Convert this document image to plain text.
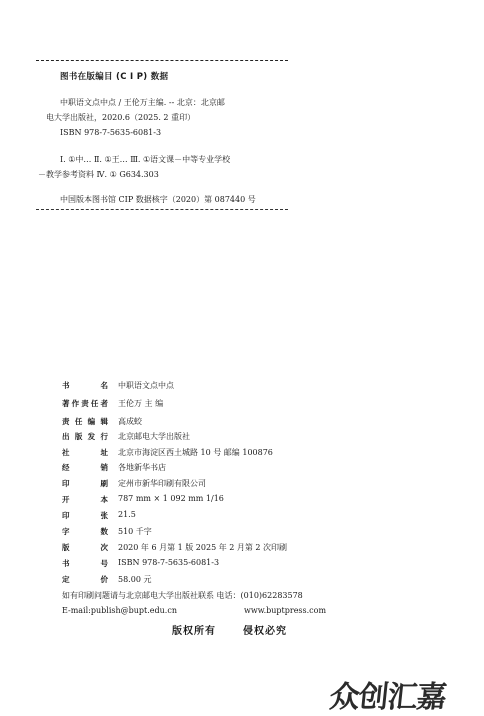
图书在版编目 (C I P) 数据
中职语文点中点 / 王伦万主编. -- 北京：北京邮
电大学出版社，2020.6（2025. 2 重印）
ISBN 978-7-5635-6081-3
Ⅰ. ①中… Ⅱ. ①王… Ⅲ. ①语文课－中等专业学校
－教学参考资料 Ⅳ. ① G634.303
中国版本图书馆 CIP 数据核字（2020）第 087440 号
书	名 中职语文点中点
著 作 责 任 者 王伦万 主 编
责 任 编 辑 高成蛟
出 版 发 行 北京邮电大学出版社
社	址 北京市海淀区西土城路 10 号 邮编 100876
经	销 各地新华书店
印	刷 定州市新华印刷有限公司
开	本 787 mm × 1 092 mm 1/16
印	张 21.5
字	数 510 千字
版	次 2020 年 6 月第 1 版 2025 年 2 月第 2 次印刷
书	号 ISBN 978-7-5635-6081-3
定	价 58.00 元
如有印刷问题请与北京邮电大学出版社联系 电话：(010)62283578
E-mail:publish@bupt.edu.cn	www.buptpress.com
版权所有	侵权必究
众创汇嘉
